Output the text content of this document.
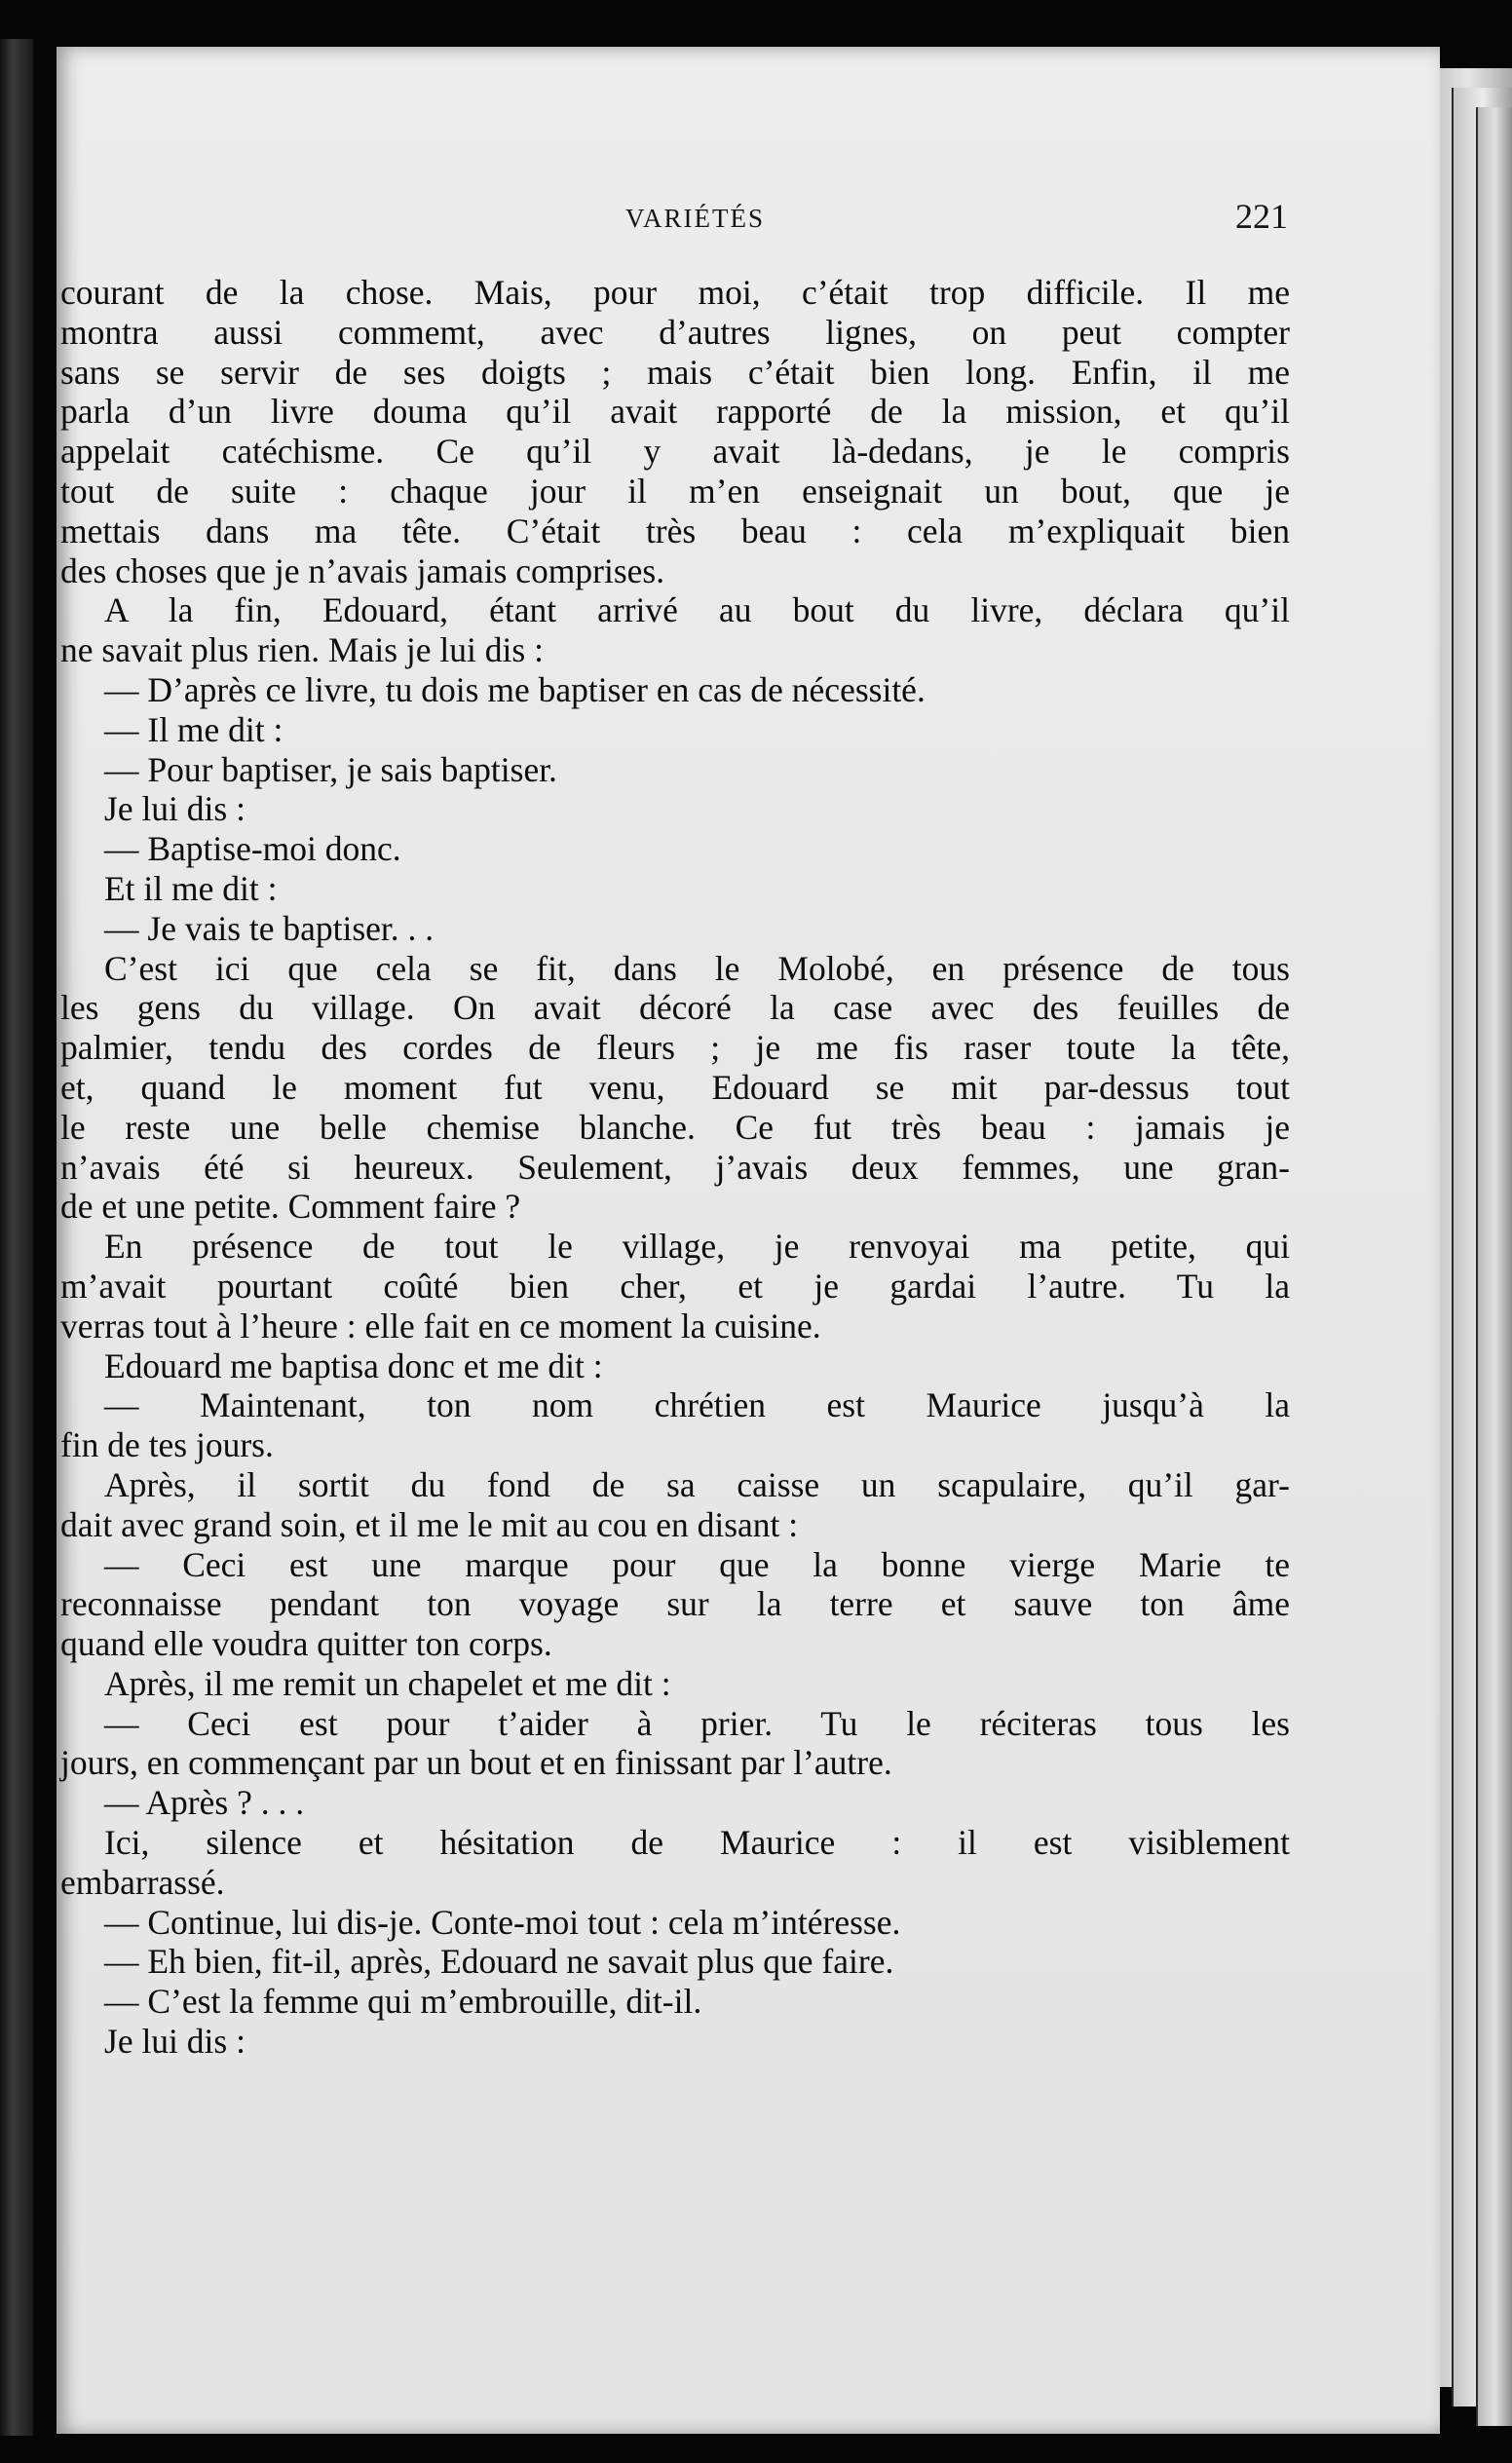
VARIÉTÉS	221
courant de la chose. Mais, pour moi, c’était trop difficile. Il me
montra aussi commemt, avec d’autres lignes, on peut compter
sans se servir de ses doigts ; mais c’était bien long. Enfin, il me
parla d’un livre douma qu’il avait rapporté de la mission, et qu’il
appelait catéchisme. Ce qu’il y avait là-dedans, je le compris
tout de suite : chaque jour il m’en enseignait un bout, que je
mettais dans ma tête. C’était très beau : cela m’expliquait bien
des choses que je n’avais jamais comprises.
A la fin, Edouard, étant arrivé au bout du livre, déclara qu’il
ne savait plus rien. Mais je lui dis :
— D’après ce livre, tu dois me baptiser en cas de nécessité.
— Il me dit :
— Pour baptiser, je sais baptiser.
Je lui dis :
— Baptise-moi donc.
Et il me dit :
— Je vais te baptiser. . .
C’est ici que cela se fit, dans le Molobé, en présence de tous
les gens du village. On avait décoré la case avec des feuilles de
palmier, tendu des cordes de fleurs ; je me fis raser toute la tête,
et, quand le moment fut venu, Edouard se mit par-dessus tout
le reste une belle chemise blanche. Ce fut très beau : jamais je
n’avais été si heureux. Seulement, j’avais deux femmes, une gran-
de et une petite. Comment faire ?
En présence de tout le village, je renvoyai ma petite, qui
m’avait pourtant coûté bien cher, et je gardai l’autre. Tu la
verras tout à l’heure : elle fait en ce moment la cuisine.
Edouard me baptisa donc et me dit :
— Maintenant, ton nom chrétien est Maurice jusqu’à la
fin de tes jours.
Après, il sortit du fond de sa caisse un scapulaire, qu’il gar-
dait avec grand soin, et il me le mit au cou en disant :
— Ceci est une marque pour que la bonne vierge Marie te
reconnaisse pendant ton voyage sur la terre et sauve ton âme
quand elle voudra quitter ton corps.
Après, il me remit un chapelet et me dit :
— Ceci est pour t’aider à prier. Tu le réciteras tous les
jours, en commençant par un bout et en finissant par l’autre.
— Après ? . . .
Ici, silence et hésitation de Maurice : il est visiblement
embarrassé.
— Continue, lui dis-je. Conte-moi tout : cela m’intéresse.
— Eh bien, fit-il, après, Edouard ne savait plus que faire.
— C’est la femme qui m’embrouille, dit-il.
Je lui dis :
